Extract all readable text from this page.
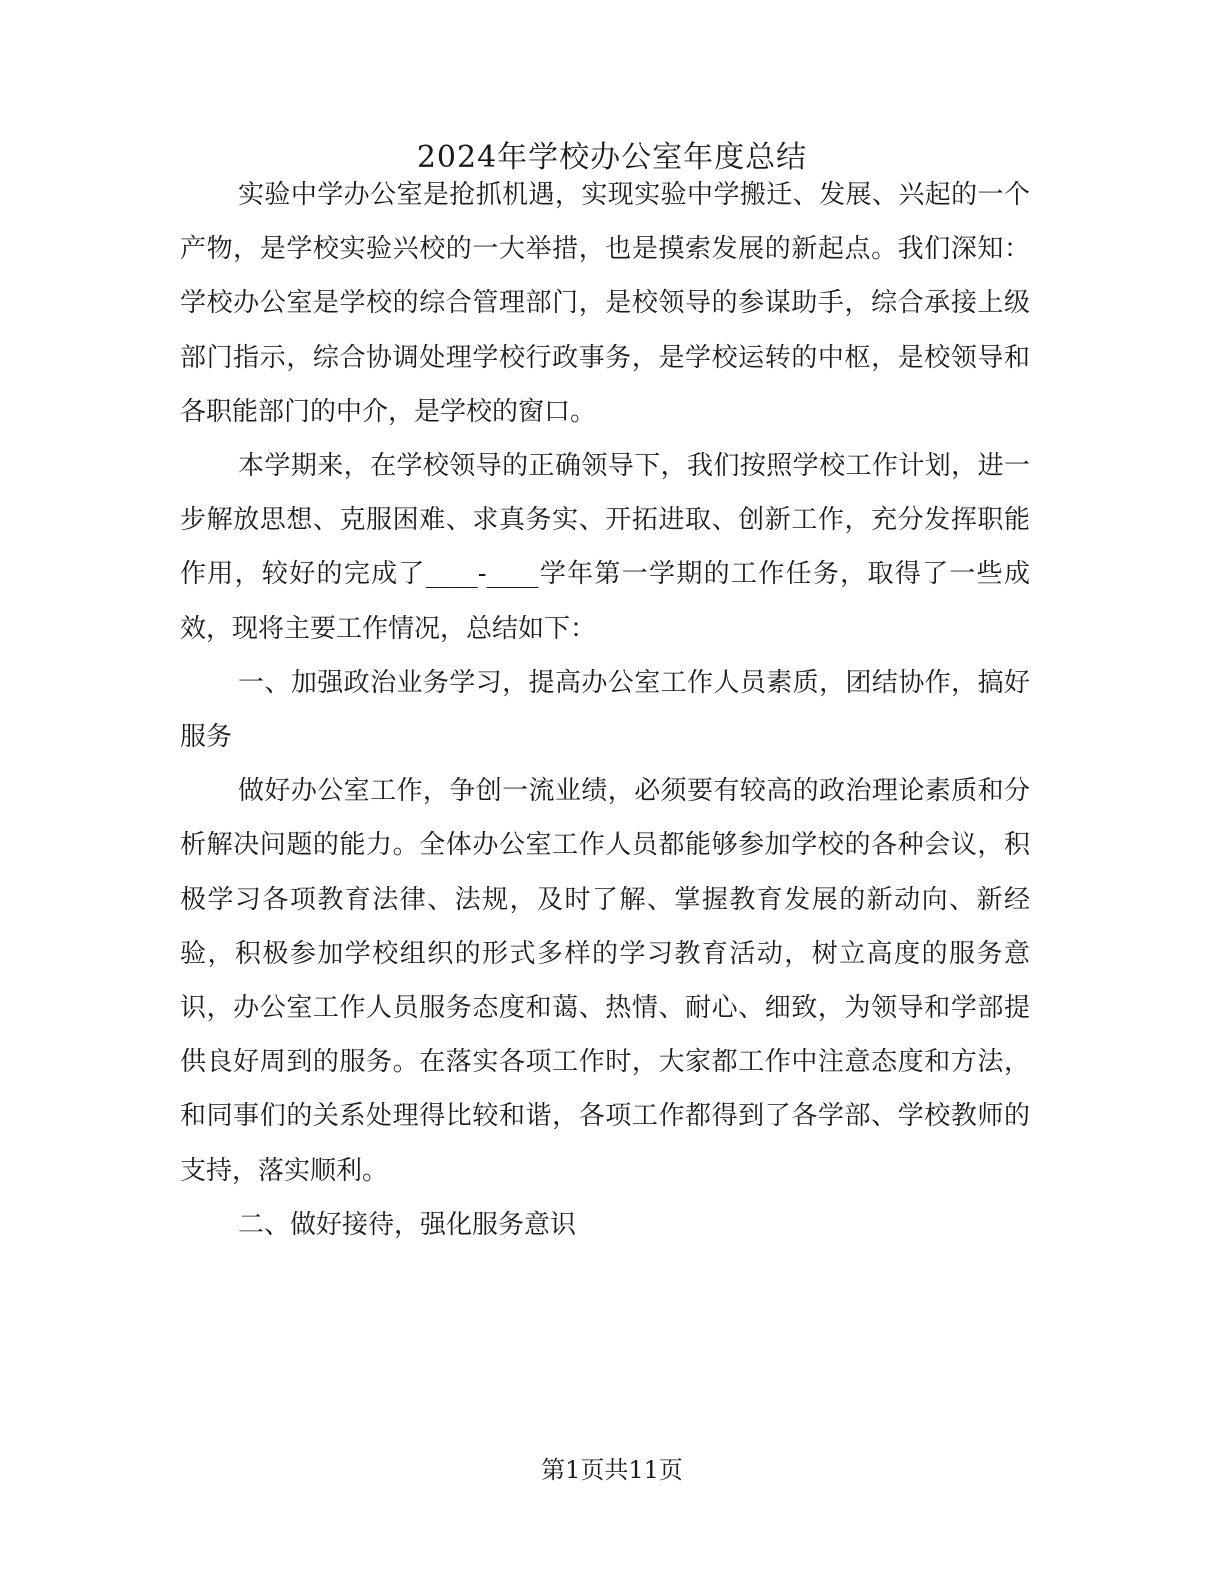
2024年学校办公室年度总结

实验中学办公室是抢抓机遇，实现实验中学搬迁、发展、兴起的一个产物，是学校实验兴校的一大举措，也是摸索发展的新起点。我们深知：学校办公室是学校的综合管理部门，是校领导的参谋助手，综合承接上级部门指示，综合协调处理学校行政事务，是学校运转的中枢，是校领导和各职能部门的中介，是学校的窗口。

本学期来，在学校领导的正确领导下，我们按照学校工作计划，进一步解放思想、克服困难、求真务实、开拓进取、创新工作，充分发挥职能作用，较好的完成了____-____学年第一学期的工作任务，取得了一些成效，现将主要工作情况，总结如下：

一、加强政治业务学习，提高办公室工作人员素质，团结协作，搞好服务

做好办公室工作，争创一流业绩，必须要有较高的政治理论素质和分析解决问题的能力。全体办公室工作人员都能够参加学校的各种会议，积极学习各项教育法律、法规，及时了解、掌握教育发展的新动向、新经验，积极参加学校组织的形式多样的学习教育活动，树立高度的服务意识，办公室工作人员服务态度和蔼、热情、耐心、细致，为领导和学部提供良好周到的服务。在落实各项工作时，大家都工作中注意态度和方法，和同事们的关系处理得比较和谐，各项工作都得到了各学部、学校教师的支持，落实顺利。

二、做好接待，强化服务意识

第1页共11页
